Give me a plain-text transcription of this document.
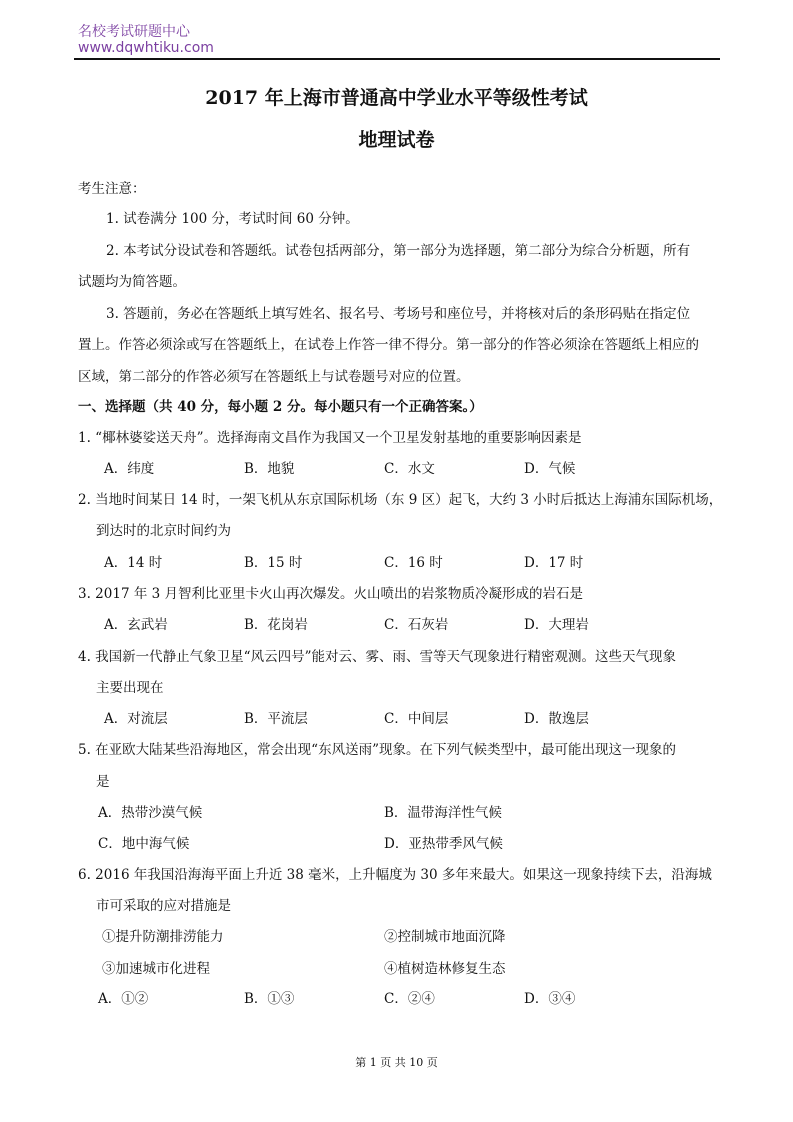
名校考试研题中心
www.dqwhtiku.com
2017 年上海市普通高中学业水平等级性考试
地理试卷
考生注意：
1. 试卷满分 100 分，考试时间 60 分钟。
2. 本考试分设试卷和答题纸。试卷包括两部分，第一部分为选择题，第二部分为综合分析题，所有
试题均为简答题。
3. 答题前，务必在答题纸上填写姓名、报名号、考场号和座位号，并将核对后的条形码贴在指定位
置上。作答必须涂或写在答题纸上，在试卷上作答一律不得分。第一部分的作答必须涂在答题纸上相应的
区域，第二部分的作答必须写在答题纸上与试卷题号对应的位置。
一、选择题（共 40 分，每小题 2 分。每小题只有一个正确答案。）
1. “椰林婆娑送天舟”。选择海南文昌作为我国又一个卫星发射基地的重要影响因素是
A．纬度	B．地貌	C．水文	D．气候
2. 当地时间某日 14 时，一架飞机从东京国际机场（东 9 区）起飞，大约 3 小时后抵达上海浦东国际机场，
到达时的北京时间约为
A．14 时	B．15 时	C．16 时	D．17 时
3. 2017 年 3 月智利比亚里卡火山再次爆发。火山喷出的岩浆物质冷凝形成的岩石是
A．玄武岩	B．花岗岩	C．石灰岩	D．大理岩
4. 我国新一代静止气象卫星“风云四号”能对云、雾、雨、雪等天气现象进行精密观测。这些天气现象
主要出现在
A．对流层	B．平流层	C．中间层	D．散逸层
5. 在亚欧大陆某些沿海地区，常会出现“东风送雨”现象。在下列气候类型中，最可能出现这一现象的
是
A．热带沙漠气候	B．温带海洋性气候
C．地中海气候	D．亚热带季风气候
6. 2016 年我国沿海海平面上升近 38 毫米，上升幅度为 30 多年来最大。如果这一现象持续下去，沿海城
市可采取的应对措施是
①提升防潮排涝能力	②控制城市地面沉降
③加速城市化进程	④植树造林修复生态
A．①②	B．①③	C．②④	D．③④
第 1 页 共 10 页
